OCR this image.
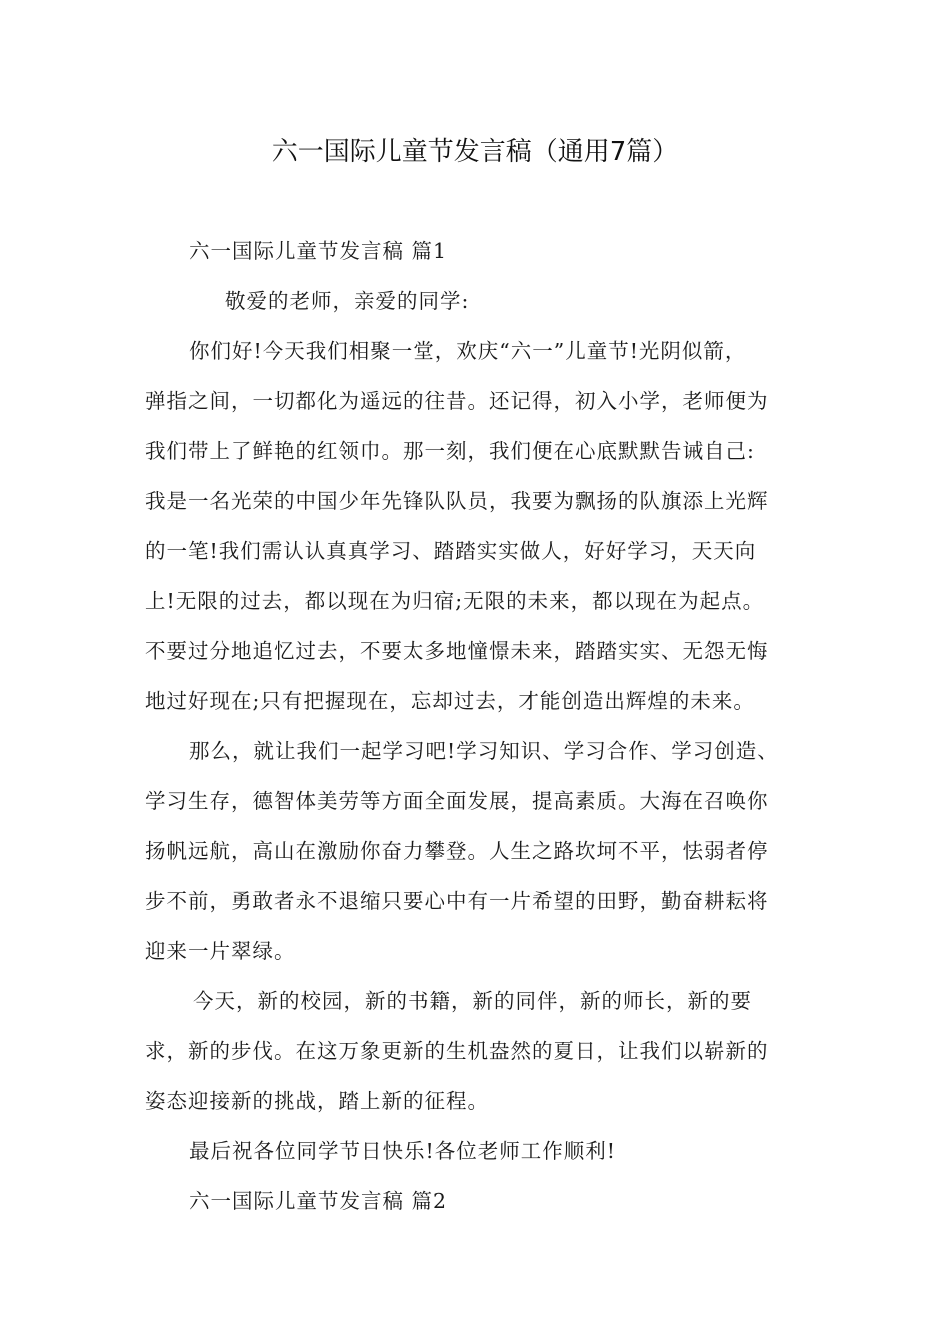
六一国际儿童节发言稿（通用7篇）
六一国际儿童节发言稿 篇1
敬爱的老师，亲爱的同学:
你们好!今天我们相聚一堂，欢庆“六一”儿童节!光阴似箭，
弹指之间，一切都化为遥远的往昔。还记得，初入小学，老师便为
我们带上了鲜艳的红领巾。那一刻，我们便在心底默默告诫自己:
我是一名光荣的中国少年先锋队队员，我要为飘扬的队旗添上光辉
的一笔!我们需认认真真学习、踏踏实实做人，好好学习，天天向
上!无限的过去，都以现在为归宿;无限的未来，都以现在为起点。
不要过分地追忆过去，不要太多地憧憬未来，踏踏实实、无怨无悔
地过好现在;只有把握现在，忘却过去，才能创造出辉煌的未来。
那么，就让我们一起学习吧!学习知识、学习合作、学习创造、
学习生存，德智体美劳等方面全面发展，提高素质。大海在召唤你
扬帆远航，高山在激励你奋力攀登。人生之路坎坷不平，怯弱者停
步不前，勇敢者永不退缩只要心中有一片希望的田野，勤奋耕耘将
迎来一片翠绿。
今天，新的校园，新的书籍，新的同伴，新的师长，新的要
求，新的步伐。在这万象更新的生机盎然的夏日，让我们以崭新的
姿态迎接新的挑战，踏上新的征程。
最后祝各位同学节日快乐!各位老师工作顺利!
六一国际儿童节发言稿 篇2
